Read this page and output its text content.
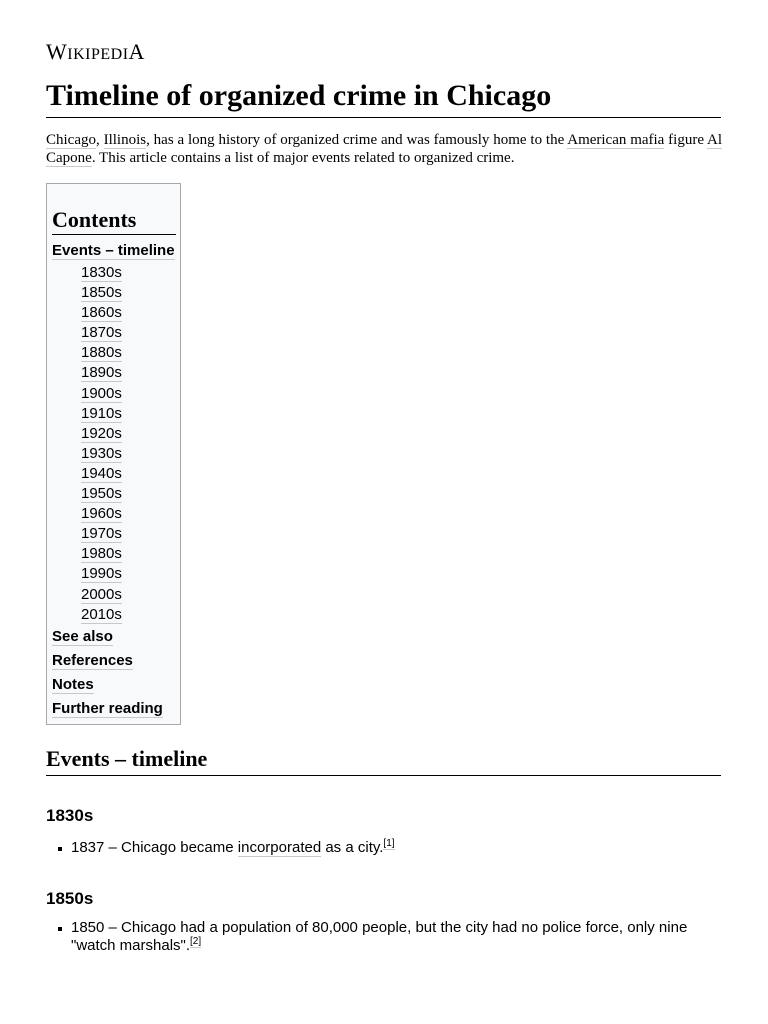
WIKIPEDIA
Timeline of organized crime in Chicago

Chicago, Illinois, has a long history of organized crime and was famously home to the American mafia figure Al Capone. This article contains a list of major events related to organized crime.

Contents
Events – timeline
1830s
1850s
1860s
1870s
1880s
1890s
1900s
1910s
1920s
1930s
1940s
1950s
1960s
1970s
1980s
1990s
2000s
2010s
See also
References
Notes
Further reading
Events – timeline
1830s
1837 – Chicago became incorporated as a city.[1]
1850s
1850 – Chicago had a population of 80,000 people, but the city had no police force, only nine "watch marshals".[2]
